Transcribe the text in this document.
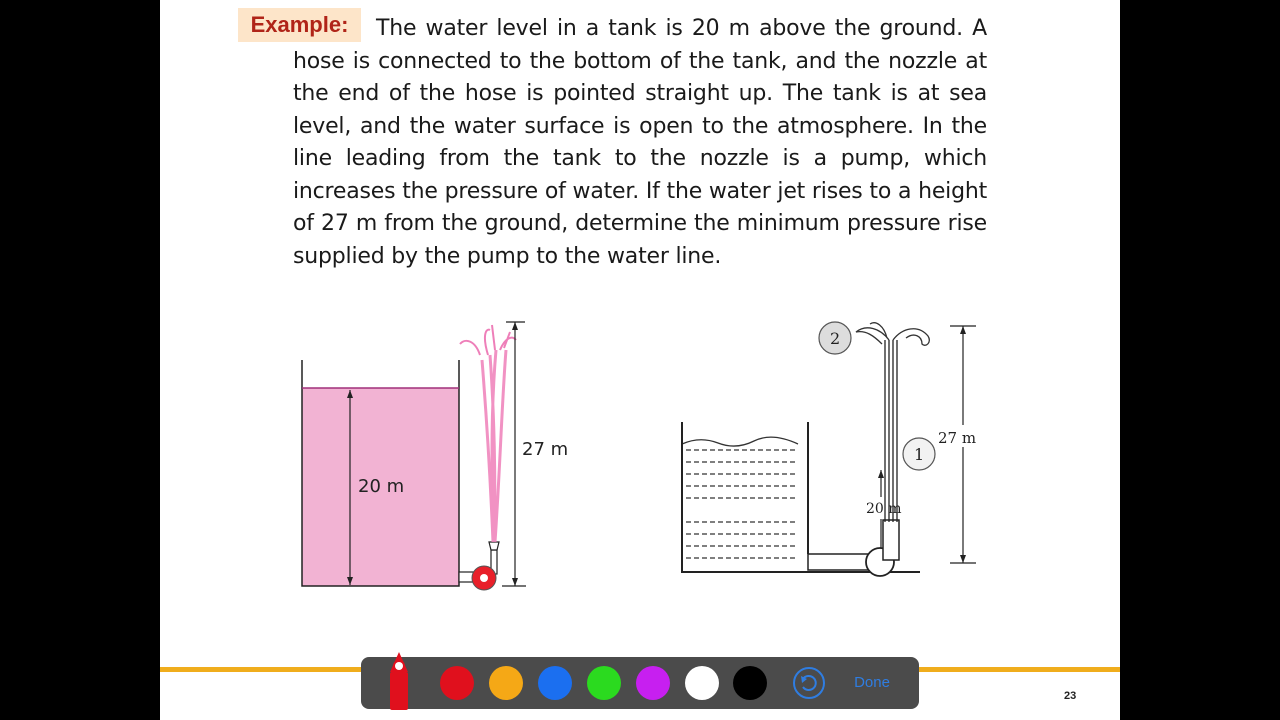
Example:	The water level in a tank is 20 m above the ground. A hose is connected to the bottom of the tank, and the nozzle at the end of the hose is pointed straight up. The tank is at sea level, and the water surface is open to the atmosphere. In the line leading from the tank to the nozzle is a pump, which increases the pressure of water. If the water jet rises to a height of 27 m from the ground, determine the minimum pressure rise supplied by the pump to the water line.

20 m
27 m	1
20 m
2
27 m
23
Done
